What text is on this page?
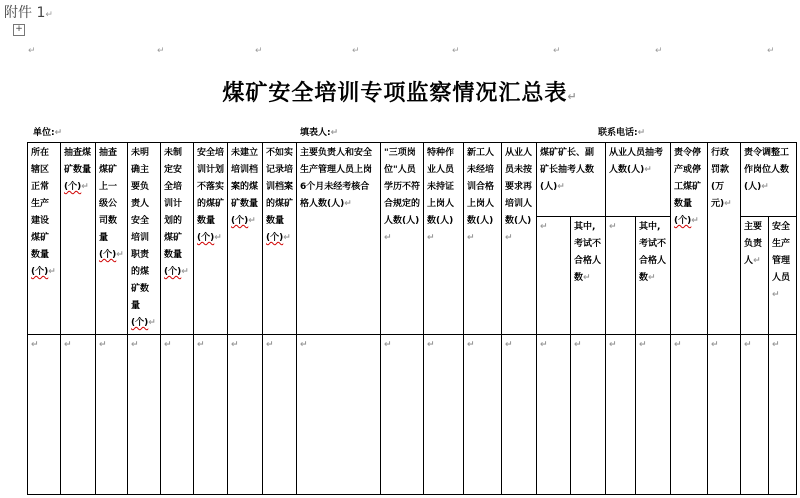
附件 1↵
+
↵	↵	↵	↵	↵	↵	↵	↵
煤矿安全培训专项监察情况汇总表↵
单位:↵	填表人:↵	联系电话:↵
所在辖区正常生产建设煤矿数量(个)↵	抽查煤矿数量(个)↵	抽查煤矿上一级公司数量(个)↵	未明确主要负责人安全培训职责的煤矿数量(个)↵	未制定安全培训计划的煤矿数量(个)↵	安全培训计划不落实的煤矿数量(个)↵	未建立培训档案的煤矿数量(个)↵	不如实记录培训档案的煤矿数量(个)↵	主要负责人和安全生产管理人员上岗6个月未经考核合格人数(人)↵	"三项岗位"人员学历不符合规定的人数(人)↵	特种作业人员未持证上岗人数(人)↵	新工人未经培训合格上岗人数(人)↵	从业人员未按要求再培训人数(人)↵	煤矿矿长、副矿长抽考人数(人)↵		从业人员抽考人数(人)↵		责令停产或停工煤矿数量(个)↵	行政罚款(万元)↵	责令调整工作岗位人数(人)↵	
													↵	其中,考试不合格人数↵	↵	其中,考试不合格人数↵			主要负责人↵	安全生产管理人员↵
↵	↵	↵	↵	↵	↵	↵	↵	↵	↵	↵	↵	↵	↵	↵	↵	↵	↵	↵	↵	↵
